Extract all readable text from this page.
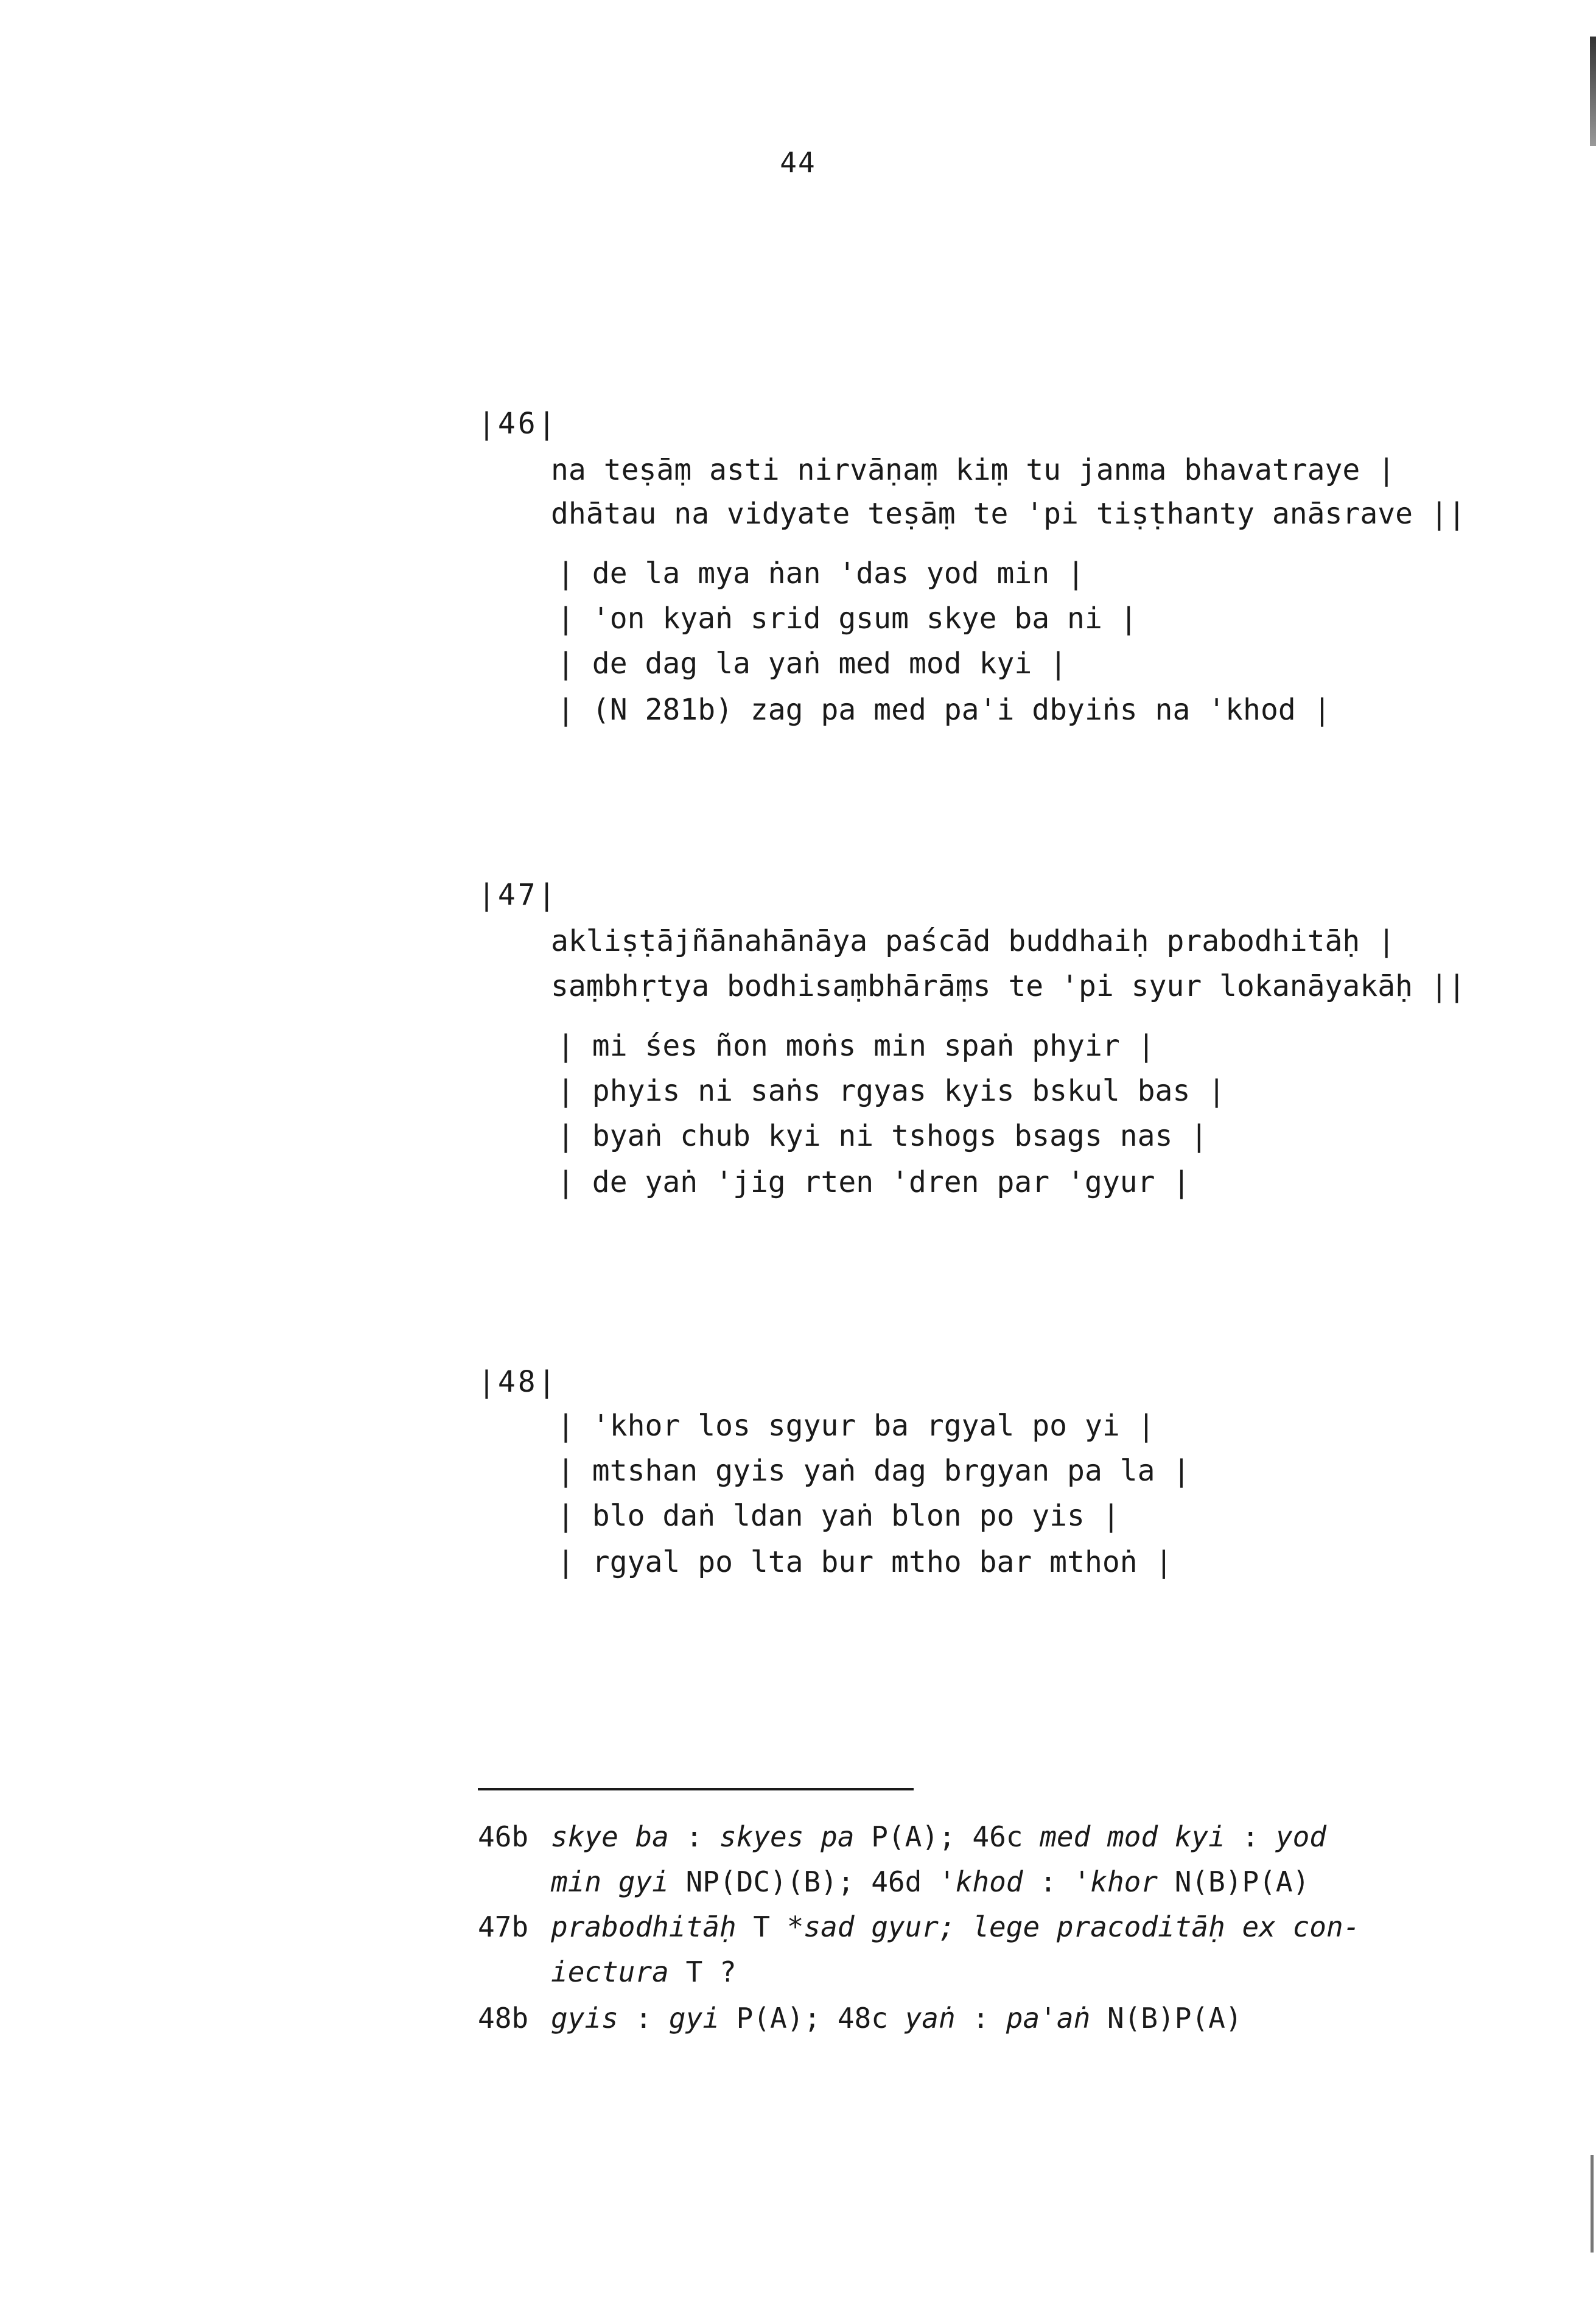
44
|46|
na teṣāṃ asti nirvāṇaṃ kiṃ tu janma bhavatraye |
dhātau na vidyate teṣāṃ te 'pi tiṣṭhanty anāsrave ||
| de la mya ṅan 'das yod min |
| 'on kyaṅ srid gsum skye ba ni |
| de dag la yaṅ med mod kyi |
| (N 281b) zag pa med pa'i dbyiṅs na 'khod |
|47|
akliṣṭājñānahānāya paścād buddhaiḥ prabodhitāḥ |
saṃbhṛtya bodhisaṃbhārāṃs te 'pi syur lokanāyakāḥ ||
| mi śes ñon moṅs min spaṅ phyir |
| phyis ni saṅs rgyas kyis bskul bas |
| byaṅ chub kyi ni tshogs bsags nas |
| de yaṅ 'jig rten 'dren par 'gyur |
|48|
| 'khor los sgyur ba rgyal po yi |
| mtshan gyis yaṅ dag brgyan pa la |
| blo daṅ ldan yaṅ blon po yis |
| rgyal po lta bur mtho bar mthoṅ |
46b skye ba : skyes pa P(A); 46c med mod kyi : yod
min gyi NP(DC)(B); 46d 'khod : 'khor N(B)P(A)
47b prabodhitāḥ T *sad gyur; lege pracoditāḥ ex con-
iectura T ?
48b gyis : gyi P(A); 48c yaṅ : pa'aṅ N(B)P(A)
